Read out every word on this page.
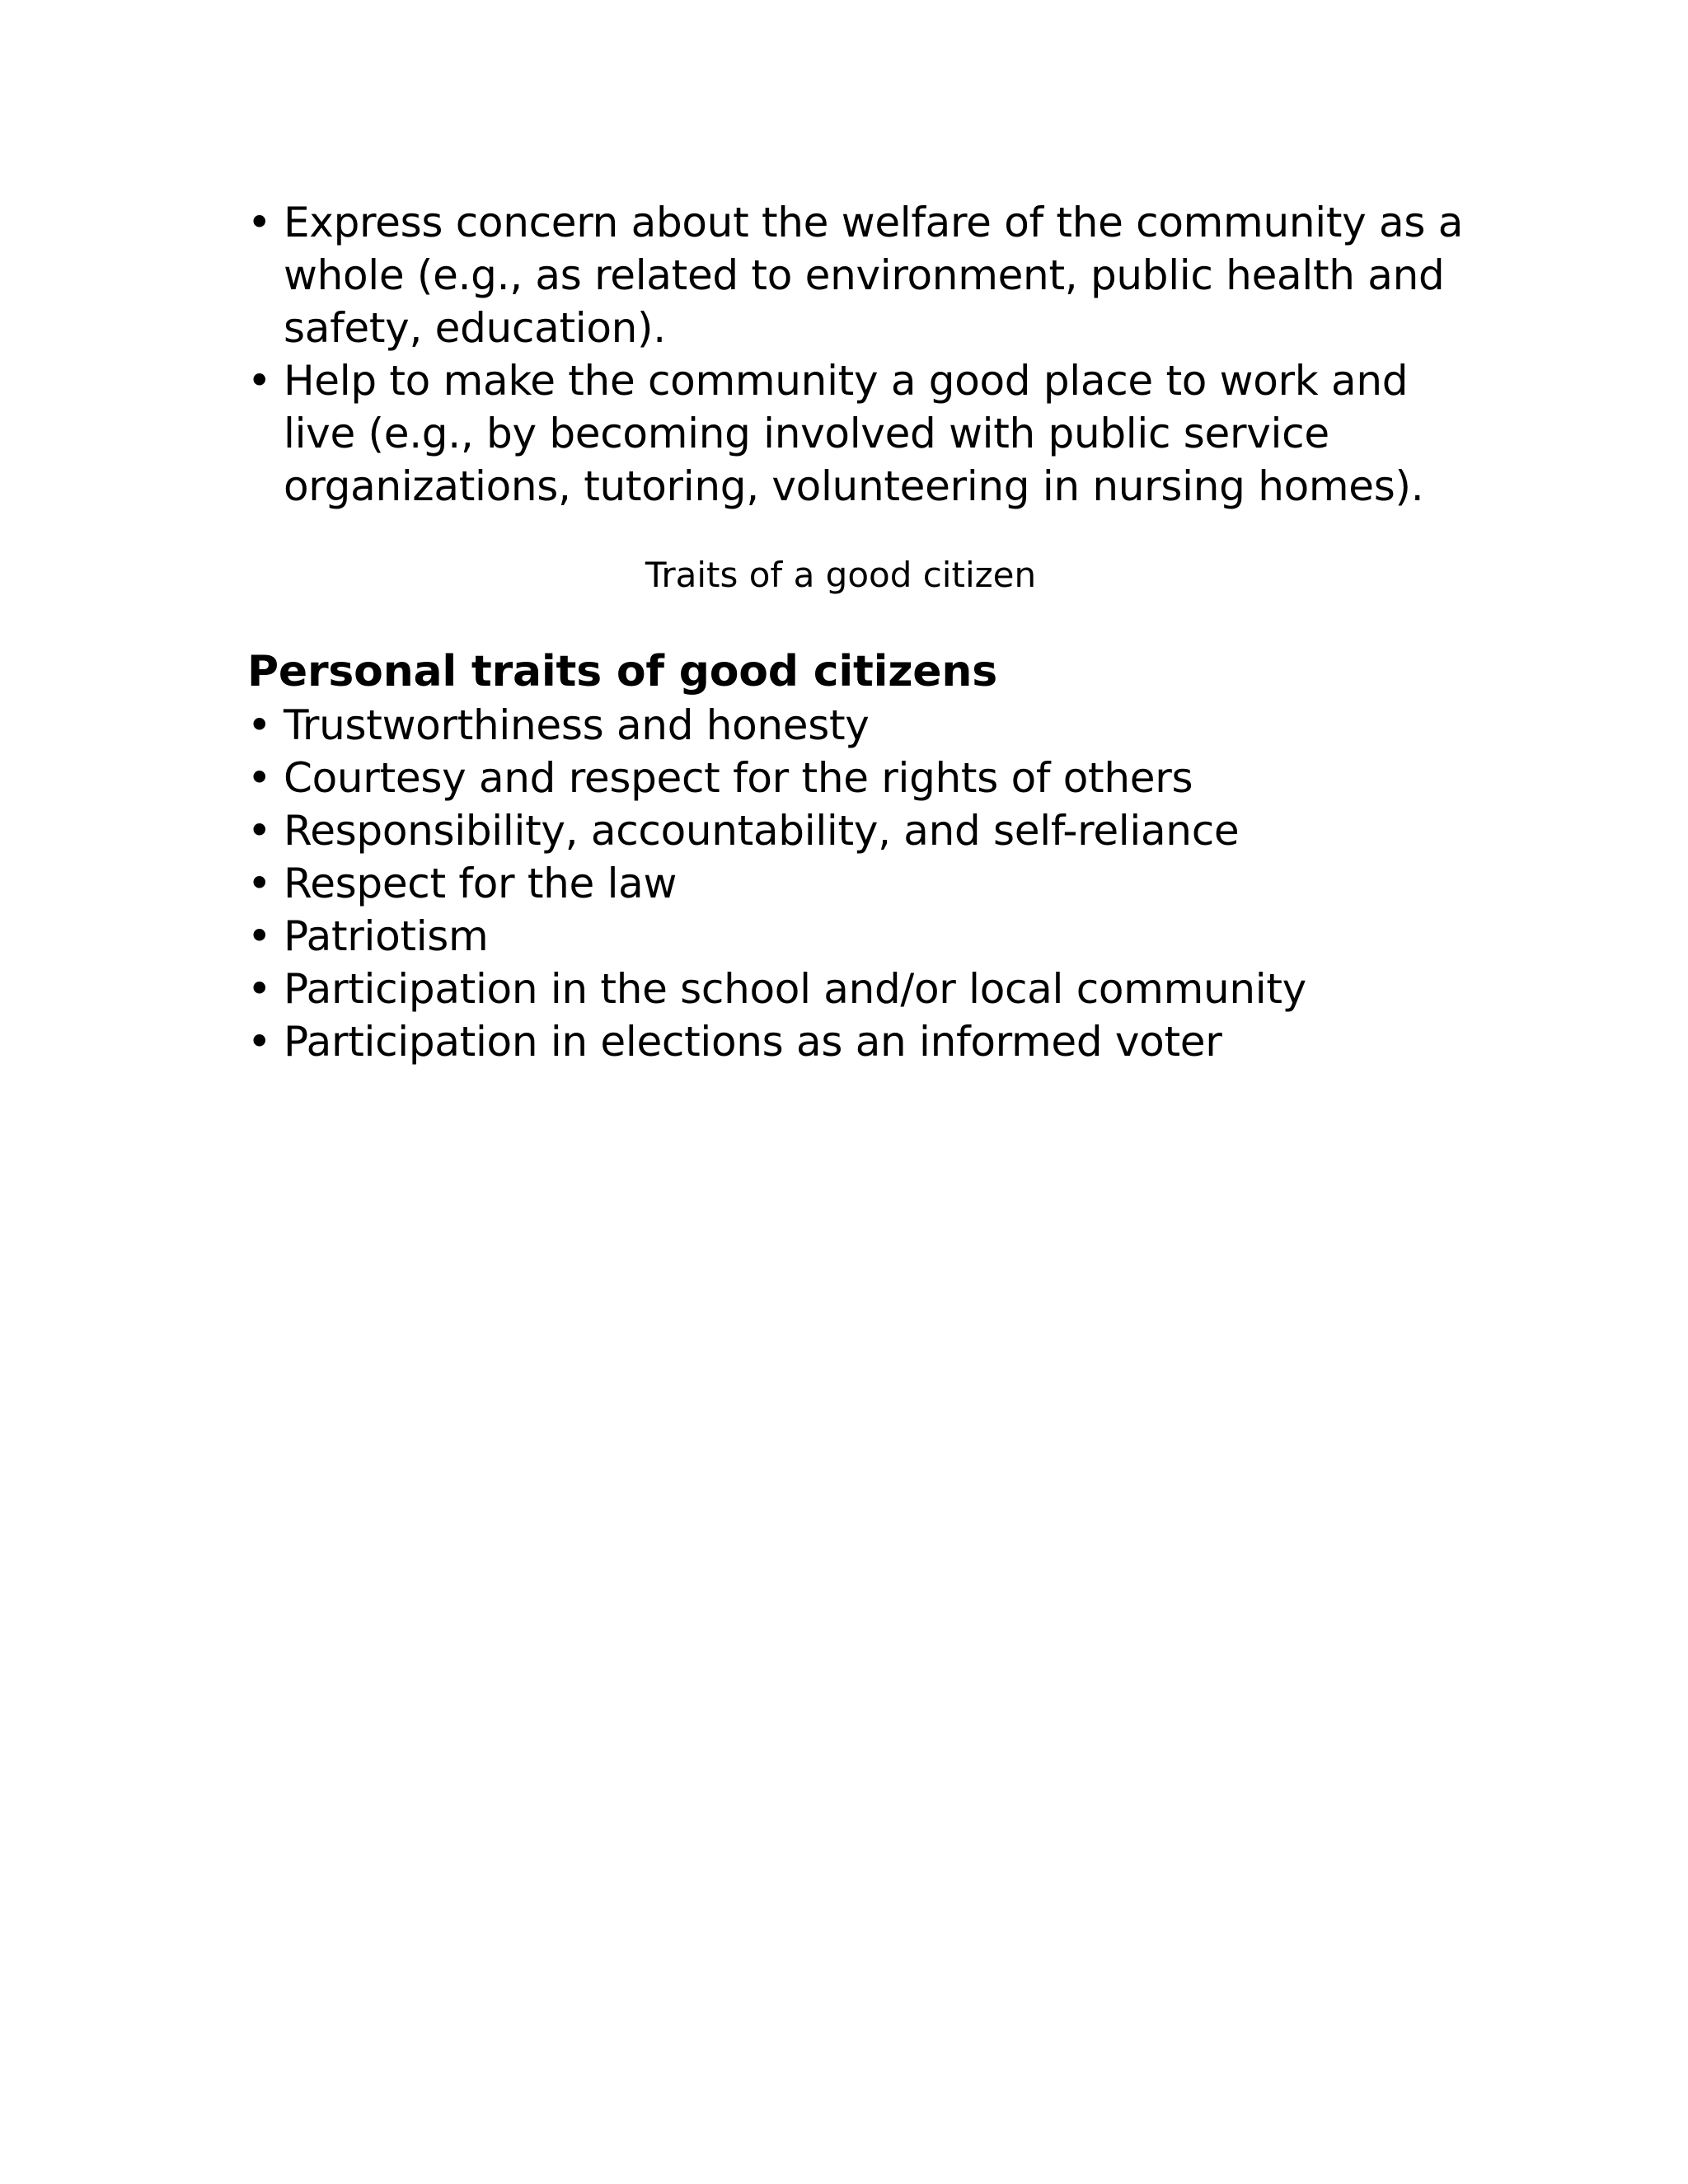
• Express concern about the welfare of the community as a whole (e.g., as related to environment, public health and safety, education).
• Help to make the community a good place to work and live (e.g., by becoming involved with public service organizations, tutoring, volunteering in nursing homes).
Traits of a good citizen
Personal traits of good citizens
• Trustworthiness and honesty
• Courtesy and respect for the rights of others
• Responsibility, accountability, and self-reliance
• Respect for the law
• Patriotism
• Participation in the school and/or local community
• Participation in elections as an informed voter
